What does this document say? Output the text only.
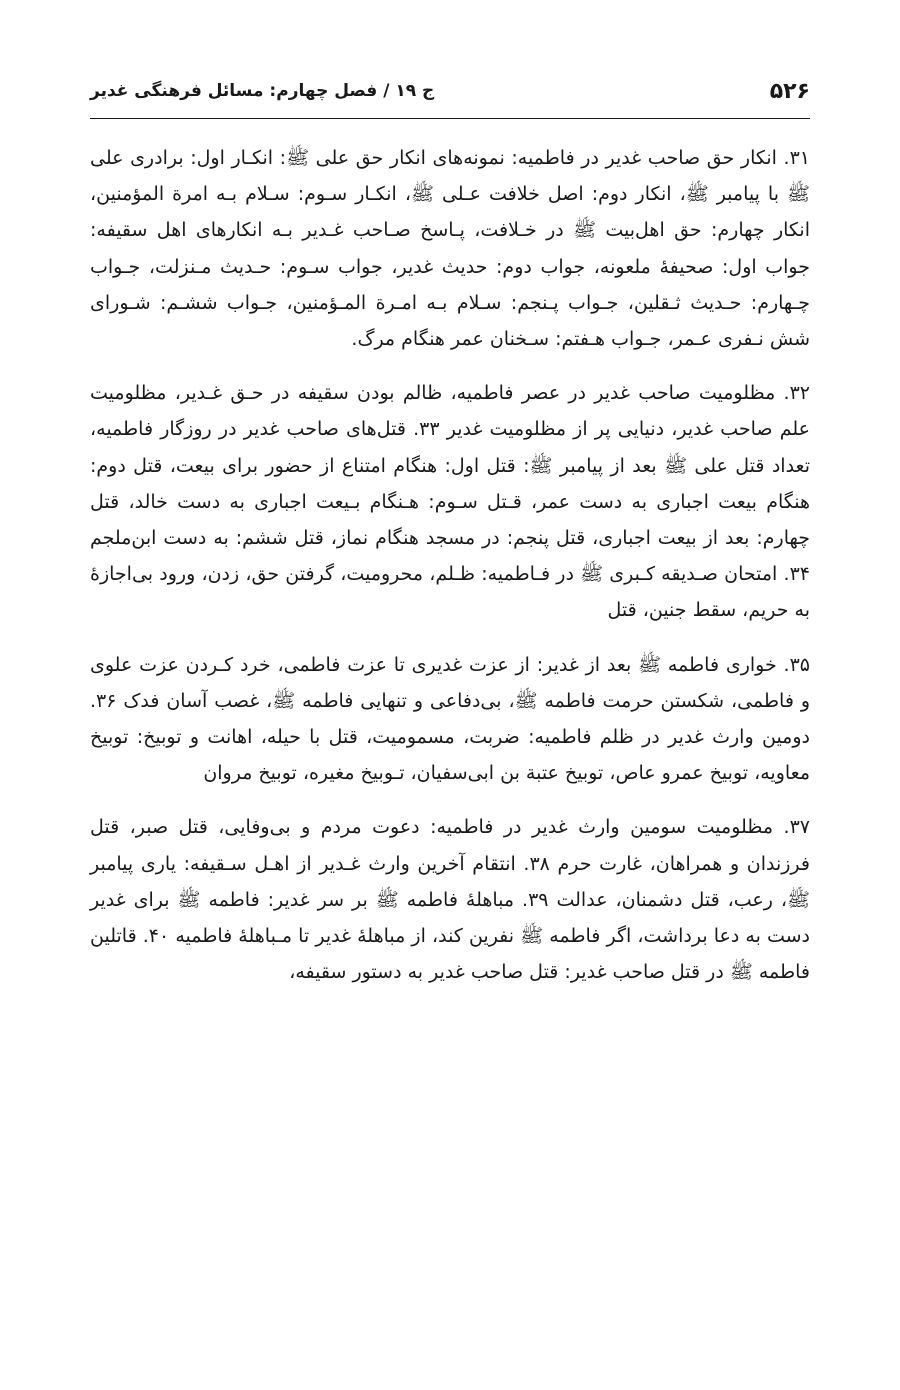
۵۲۶
ج ۱۹ / فصل چهارم: مسائل فرهنگی غدیر

۳۱. انکار حق صاحب غدیر در فاطمیه: نمونه‌های انکار حق علی ﷺ: انکـار اول: برادری علی ﷺ با پیامبر ﷺ، انکار دوم: اصل خلافت عـلی ﷺ، انکـار سـوم: سـلام بـه امرة المؤمنین، انکار چهارم: حق اهل‌بیت ﷺ در خـلافت، پـاسخ صـاحب غـدیر بـه انکارهای اهل سقیفه: جواب اول: صحیفهٔ ملعونه، جواب دوم: حدیث غدیر، جواب سـوم: حـدیث مـنزلت، جـواب چـهارم: حـدیث ثـقلین، جـواب پـنجم: سـلام بـه امـرة المـؤمنین، جـواب ششـم: شـورای شش نـفری عـمر، جـواب هـفتم: سـخنان عمر هنگام مرگ.

۳۲. مظلومیت صاحب غدیر در عصر فاطمیه، ظالم بودن سقیفه در حـق غـدیر، مظلومیت علم صاحب غدیر، دنیایی پر از مظلومیت غدیر ۳۳. قتل‌های صاحب غدیر در روزگار فاطمیه، تعداد قتل علی ﷺ بعد از پیامبر ﷺ: قتل اول: هنگام امتناع از حضور برای بیعت، قتل دوم: هنگام بیعت اجباری به دست عمر، قـتل سـوم: هـنگام بـیعت اجباری به دست خالد، قتل چهارم: بعد از بیعت اجباری، قتل پنجم: در مسجد هنگام نماز، قتل ششم: به دست ابن‌ملجم ۳۴. امتحان صـدیقه کـبری ﷺ در فـاطمیه: ظـلم، محرومیت، گرفتن حق، زدن، ورود بی‌اجازهٔ به حریم، سقط جنین، قتل

۳۵. خواری فاطمه ﷺ بعد از غدیر: از عزت غدیری تا عزت فاطمی، خرد کـردن عزت علوی و فاطمی، شکستن حرمت فاطمه ﷺ، بی‌دفاعی و تنهایی فاطمه ﷺ، غصب آسان فدک ۳۶. دومین وارث غدیر در ظلم فاطمیه: ضربت، مسمومیت، قتل با حیله، اهانت و توبیخ: توبیخ معاویه، توبیخ عمرو عاص، توبیخ عتبة بن ابی‌سفیان، تـوبیخ مغیره، توبیخ مروان

۳۷. مظلومیت سومین وارث غدیر در فاطمیه: دعوت مردم و بی‌وفایی، قتل صبر، قتل فرزندان و همراهان، غارت حرم ۳۸. انتقام آخرین وارث غـدیر از اهـل سـقیفه: یاری پیامبر ﷺ، رعب، قتل دشمنان، عدالت ۳۹. مباهلهٔ فاطمه ﷺ بر سر غدیر: فاطمه ﷺ برای غدیر دست به دعا برداشت، اگر فاطمه ﷺ نفرین کند، از مباهلهٔ غدیر تا مـباهلهٔ فاطمیه ۴۰. قاتلین فاطمه ﷺ در قتل صاحب غدیر: قتل صاحب غدیر به دستور سقیفه،
